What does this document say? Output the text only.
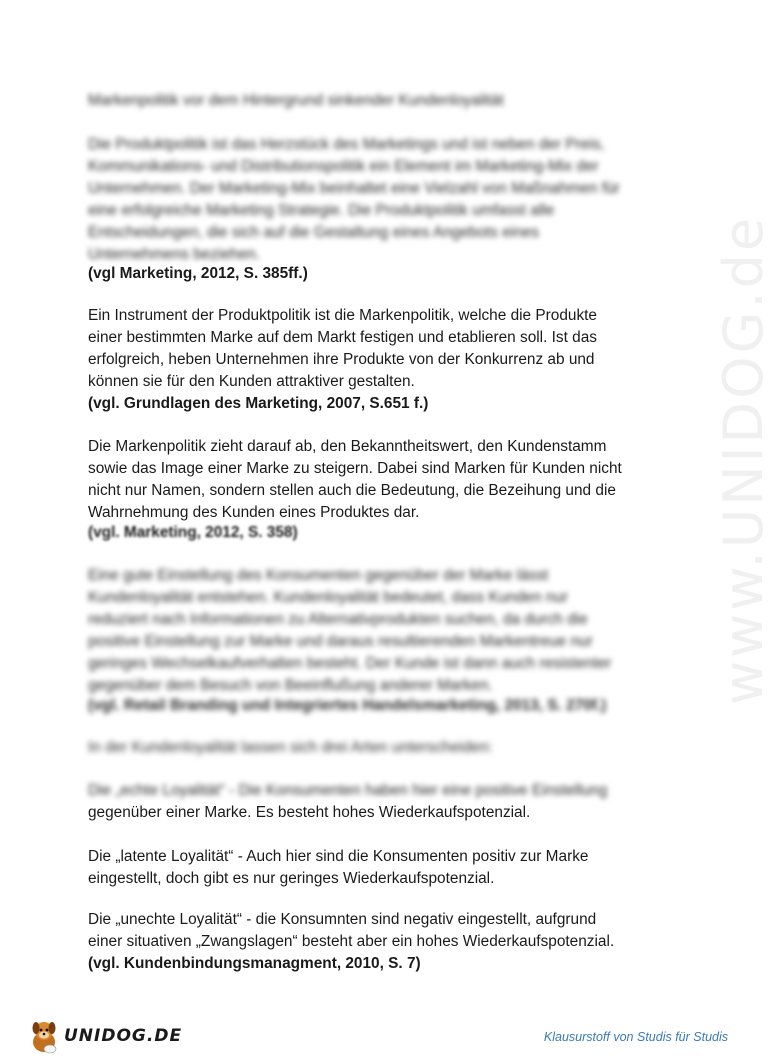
www.UNIDOG.de
Markenpolitik vor dem Hintergrund sinkender Kundenloyalität
Die Produktpolitik ist das Herzstück des Marketings und ist neben der Preis,
Kommunikations- und Distributionspolitik ein Element im Marketing-Mix der
Unternehmen. Der Marketing-Mix beinhaltet eine Vielzahl von Maßnahmen für
eine erfolgreiche Marketing Strategie. Die Produktpolitik umfasst alle
Entscheidungen, die sich auf die Gestaltung eines Angebots eines
Unternehmens beziehen.
(vgl Marketing, 2012, S. 385ff.)
Ein Instrument der Produktpolitik ist die Markenpolitik, welche die Produkte
einer bestimmten Marke auf dem Markt festigen und etablieren soll. Ist das
erfolgreich, heben Unternehmen ihre Produkte von der Konkurrenz ab und
können sie für den Kunden attraktiver gestalten.
(vgl. Grundlagen des Marketing, 2007, S.651 f.)
Die Markenpolitik zieht darauf ab, den Bekanntheitswert, den Kundenstamm
sowie das Image einer Marke zu steigern. Dabei sind Marken für Kunden nicht
nicht nur Namen, sondern stellen auch die Bedeutung, die Bezeihung und die
Wahrnehmung des Kunden eines Produktes dar.
(vgl. Marketing, 2012, S. 358)
Eine gute Einstellung des Konsumenten gegenüber der Marke lässt
Kundenloyalität entstehen. Kundenloyalität bedeutet, dass Kunden nur
reduziert nach Informationen zu Alternativprodukten suchen, da durch die
positive Einstellung zur Marke und daraus resultierenden Markentreue nur
geringes Wechselkaufverhalten besteht. Der Kunde ist dann auch resistenter
gegenüber dem Besuch von Beeinflußung anderer Marken.
(vgl. Retail Branding und Integriertes Handelsmarketing, 2013, S. 270f.)
In der Kundenloyalität lassen sich drei Arten unterscheiden:
Die „echte Loyalität“ - Die Konsumenten haben hier eine positive Einstellung
gegenüber einer Marke. Es besteht hohes Wiederkaufspotenzial.
Die „latente Loyalität“ - Auch hier sind die Konsumenten positiv zur Marke
eingestellt, doch gibt es nur geringes Wiederkaufspotenzial.
Die „unechte Loyalität“ - die Konsumnten sind negativ eingestellt, aufgrund
einer situativen „Zwangslagen“ besteht aber ein hohes Wiederkaufspotenzial.
(vgl. Kundenbindungsmanagment, 2010, S. 7)
UNIDOG.DE	Klausurstoff von Studis für Studis
